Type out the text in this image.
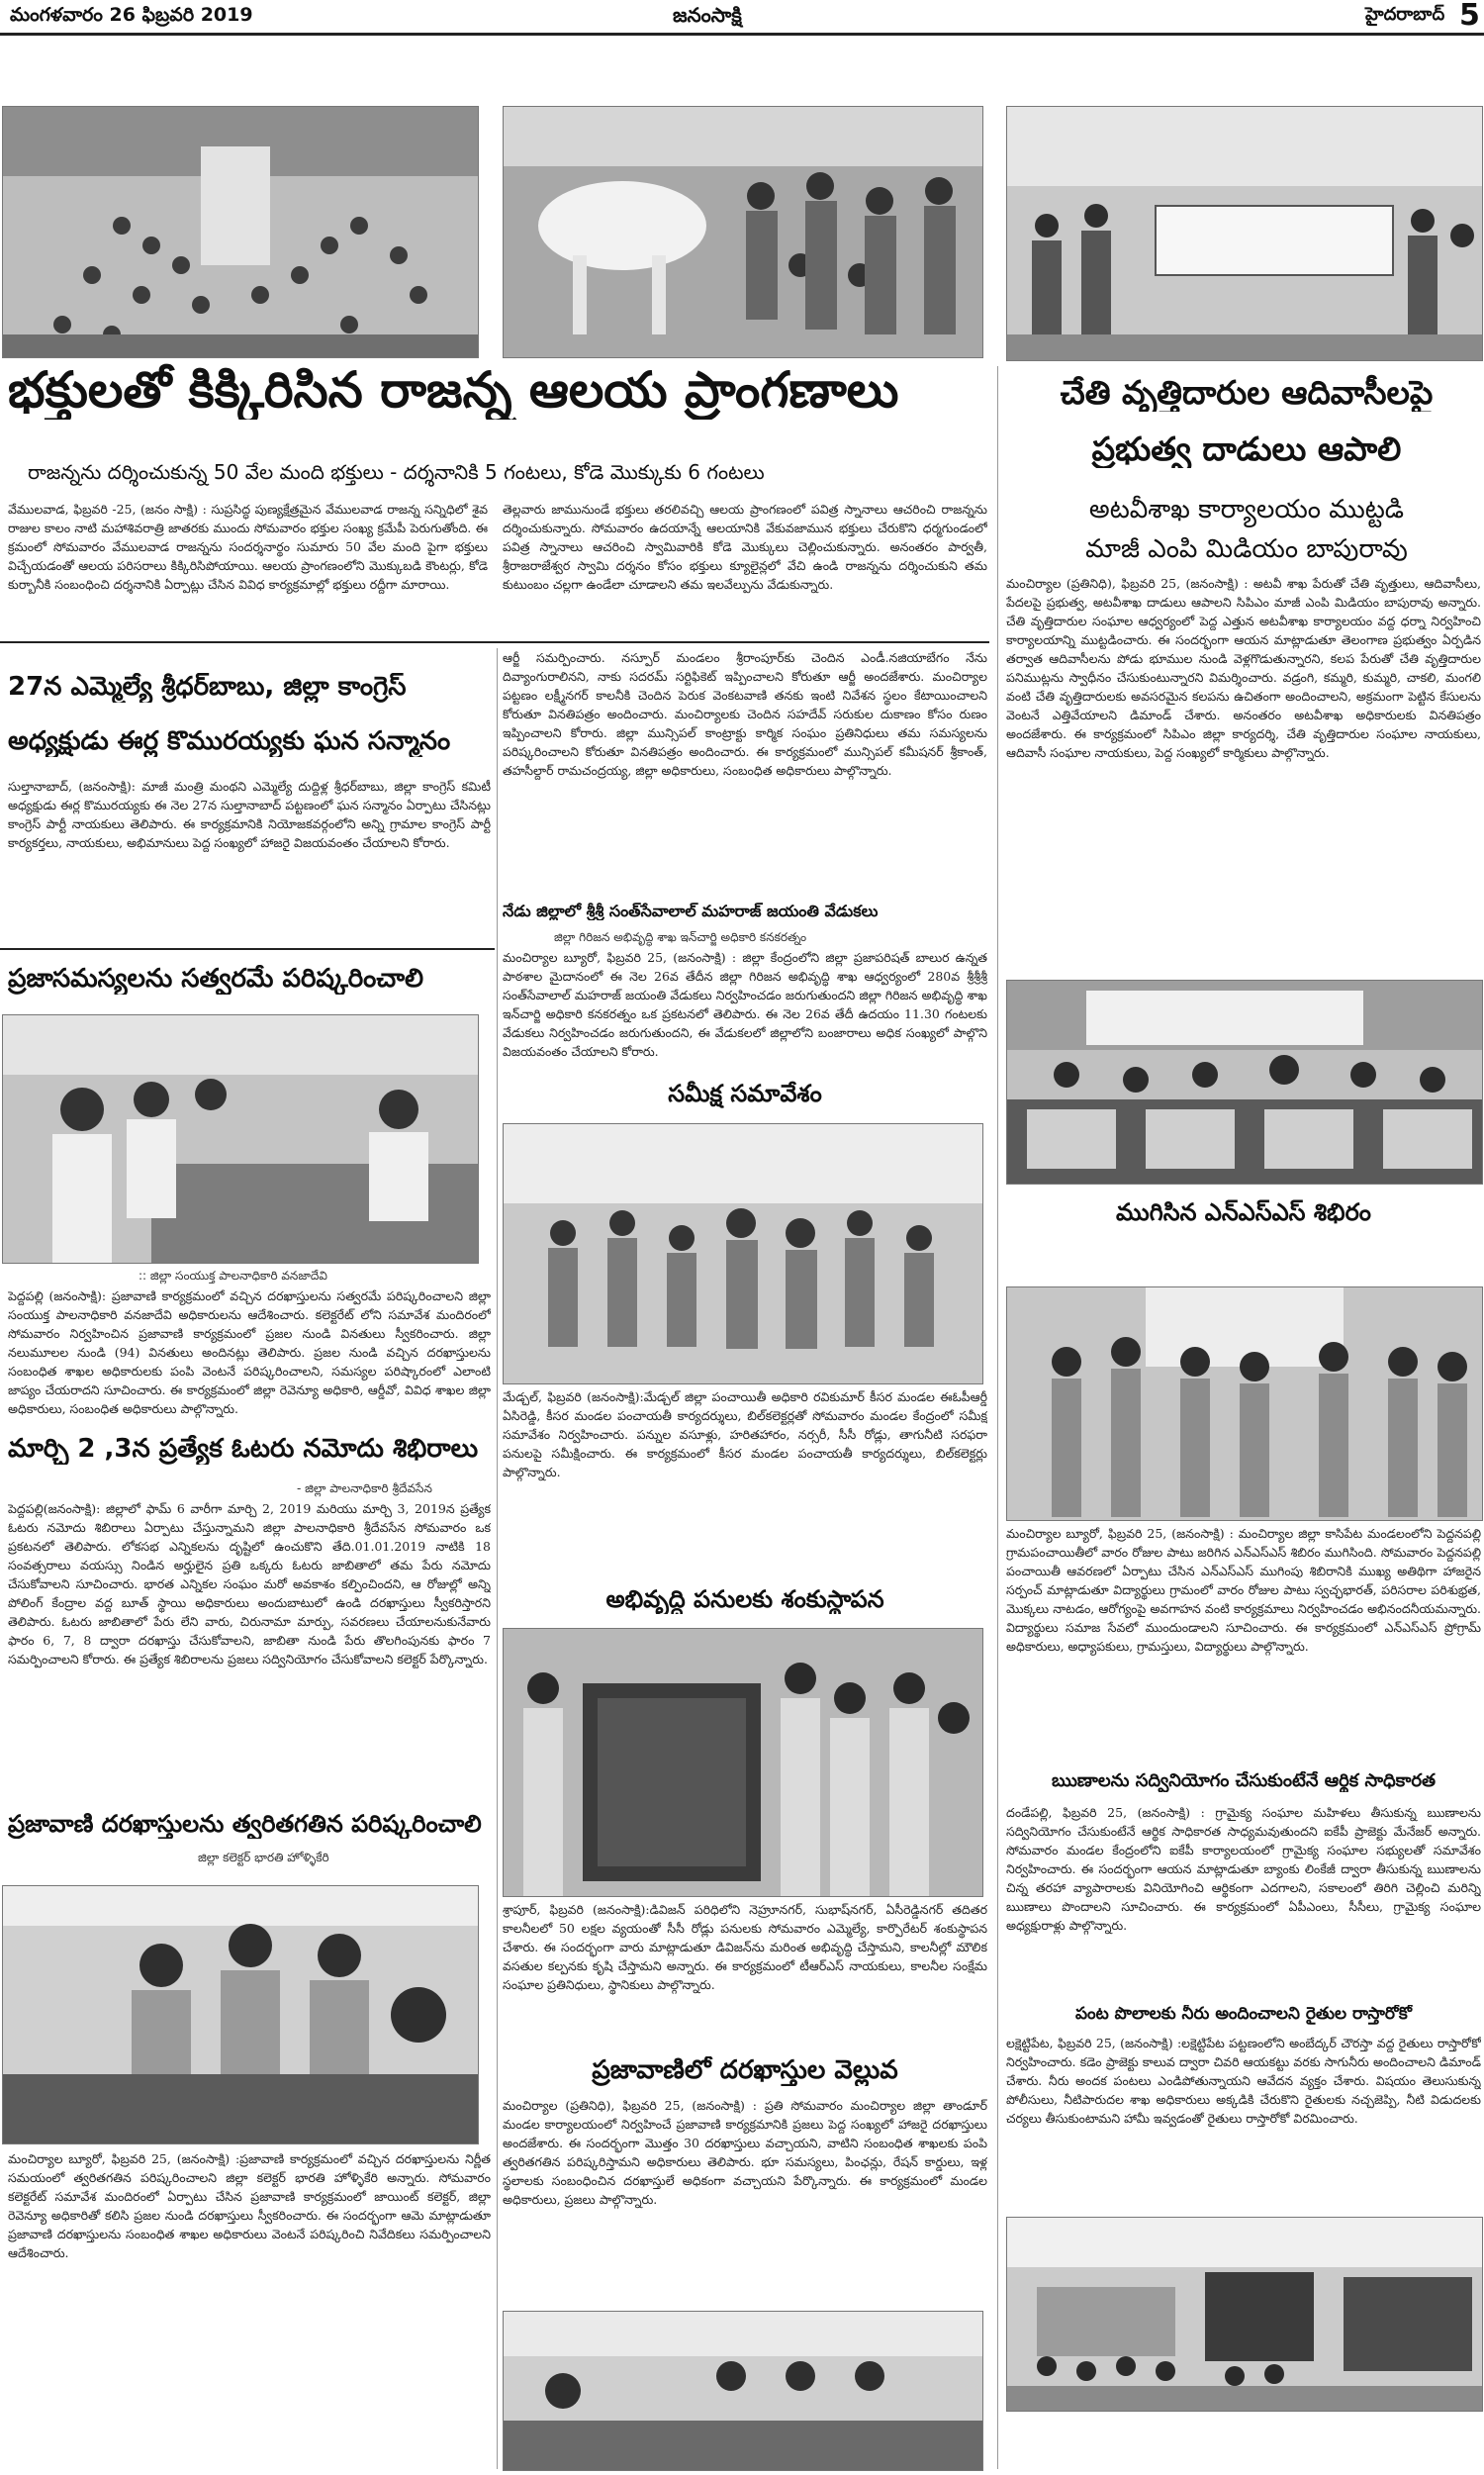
మంగళవారం 26 ఫిబ్రవరి 2019	జనంసాక్షి	హైదరాబాద్ 5
భక్తులతో కిక్కిరిసిన రాజన్న ఆలయ ప్రాంగణాలు
రాజన్నను దర్శించుకున్న 50 వేల మంది భక్తులు - దర్శనానికి 5 గంటలు, కోడె మొక్కుకు 6 గంటలు
వేములవాడ, ఫిబ్రవరి -25, (జనం సాక్షి) : సుప్రసిద్ధ పుణ్యక్షేత్రమైన వేములవాడ రాజన్న సన్నిధిలో శైవ రాజుల కాలం నాటి మహాశివరాత్రి జాతరకు ముందు సోమవారం భక్తుల సంఖ్య క్రమేపీ పెరుగుతోంది. ఈ క్రమంలో సోమవారం వేములవాడ రాజన్నను సందర్శనార్థం సుమారు 50 వేల మంది పైగా భక్తులు విచ్చేయడంతో ఆలయ పరిసరాలు కిక్కిరిసిపోయాయి. ఆలయ ప్రాంగణంలోని మొక్కుబడి కౌంటర్లు, కోడె కుర్బానీకి సంబంధించి దర్శనానికి ఏర్పాట్లు చేసిన వివిధ కార్యక్రమాల్లో భక్తులు రద్దీగా మారాయి.
తెల్లవారు జామునుండే భక్తులు తరలివచ్చి ఆలయ ప్రాంగణంలో పవిత్ర స్నానాలు ఆచరించి రాజన్నను దర్శించుకున్నారు. సోమవారం ఉదయాన్నే ఆలయానికి వేకువజామున భక్తులు చేరుకొని ధర్మగుండంలో పవిత్ర స్నానాలు ఆచరించి స్వామివారికి కోడె మొక్కులు చెల్లించుకున్నారు. అనంతరం పార్వతీ, శ్రీరాజరాజేశ్వర స్వామి దర్శనం కోసం భక్తులు క్యూలైన్లలో వేచి ఉండి రాజన్నను దర్శించుకుని తమ కుటుంబం చల్లగా ఉండేలా చూడాలని తమ ఇలవేల్పును వేడుకున్నారు.
చేతి వృత్తిదారుల ఆదివాసీలపై
ప్రభుత్వ దాడులు ఆపాలి
అటవీశాఖ కార్యాలయం ముట్టడి
మాజీ ఎంపి మిడియం బాపురావు
మంచిర్యాల (ప్రతినిధి), ఫిబ్రవరి 25, (జనంసాక్షి) : అటవీ శాఖ పేరుతో చేతి వృత్తులు, ఆదివాసీలు, పేదలపై ప్రభుత్వ, అటవీశాఖ దాడులు ఆపాలని సిపిఎం మాజీ ఎంపి మిడియం బాపురావు అన్నారు. చేతి వృత్తిదారుల సంఘాల ఆధ్వర్యంలో పెద్ద ఎత్తున అటవీశాఖ కార్యాలయం వద్ద ధర్నా నిర్వహించి కార్యాలయాన్ని ముట్టడించారు. ఈ సందర్భంగా ఆయన మాట్లాడుతూ తెలంగాణ ప్రభుత్వం ఏర్పడిన తర్వాత ఆదివాసీలను పోడు భూముల నుండి వెళ్లగొడుతున్నారని, కలప పేరుతో చేతి వృత్తిదారుల పనిముట్లను స్వాధీనం చేసుకుంటున్నారని విమర్శించారు. వడ్రంగి, కమ్మరి, కుమ్మరి, చాకలి, మంగలి వంటి చేతి వృత్తిదారులకు అవసరమైన కలపను ఉచితంగా అందించాలని, అక్రమంగా పెట్టిన కేసులను వెంటనే ఎత్తివేయాలని డిమాండ్ చేశారు. అనంతరం అటవీశాఖ అధికారులకు వినతిపత్రం అందజేశారు. ఈ కార్యక్రమంలో సిపిఎం జిల్లా కార్యదర్శి, చేతి వృత్తిదారుల సంఘాల నాయకులు, ఆదివాసీ సంఘాల నాయకులు, పెద్ద సంఖ్యలో కార్మికులు పాల్గొన్నారు.
27న ఎమ్మెల్యే శ్రీధర్‌బాబు, జిల్లా కాంగ్రెస్
అధ్యక్షుడు ఈర్ల కొమురయ్యకు ఘన సన్మానం
సుల్తానాబాద్, (జనంసాక్షి): మాజీ మంత్రి మంథని ఎమ్మెల్యే దుద్దిళ్ల శ్రీధర్‌బాబు, జిల్లా కాంగ్రెస్ కమిటీ అధ్యక్షుడు ఈర్ల కొమురయ్యకు ఈ నెల 27న సుల్తానాబాద్ పట్టణంలో ఘన సన్మానం ఏర్పాటు చేసినట్లు కాంగ్రెస్ పార్టీ నాయకులు తెలిపారు. ఈ కార్యక్రమానికి నియోజకవర్గంలోని అన్ని గ్రామాల కాంగ్రెస్ పార్టీ కార్యకర్తలు, నాయకులు, అభిమానులు పెద్ద సంఖ్యలో హాజరై విజయవంతం చేయాలని కోరారు.
ప్రజాసమస్యలను సత్వరమే పరిష్కరించాలి
:: జిల్లా సంయుక్త పాలనాధికారి వనజాదేవి
పెద్దపల్లి (జనంసాక్షి): ప్రజావాణి కార్యక్రమంలో వచ్చిన దరఖాస్తులను సత్వరమే పరిష్కరించాలని జిల్లా సంయుక్త పాలనాధికారి వనజాదేవి అధికారులను ఆదేశించారు. కలెక్టరేట్ లోని సమావేశ మందిరంలో సోమవారం నిర్వహించిన ప్రజావాణి కార్యక్రమంలో ప్రజల నుండి వినతులు స్వీకరించారు. జిల్లా నలుమూలల నుండి (94) వినతులు అందినట్లు తెలిపారు. ప్రజల నుండి వచ్చిన దరఖాస్తులను సంబంధిత శాఖల అధికారులకు పంపి వెంటనే పరిష్కరించాలని, సమస్యల పరిష్కారంలో ఎలాంటి జాప్యం చేయరాదని సూచించారు. ఈ కార్యక్రమంలో జిల్లా రెవెన్యూ అధికారి, ఆర్డీవో, వివిధ శాఖల జిల్లా అధికారులు, సంబంధిత అధికారులు పాల్గొన్నారు.
మార్చి 2 ,3న ప్రత్యేక ఓటరు నమోదు శిభిరాలు
- జిల్లా పాలనాధికారి శ్రీదేవసేన
పెద్దపల్లి(జనంసాక్షి): జిల్లాలో ఫామ్ 6 వారీగా మార్చి 2, 2019 మరియు మార్చి 3, 2019న ప్రత్యేక ఓటరు నమోదు శిబిరాలు ఏర్పాటు చేస్తున్నామని జిల్లా పాలనాధికారి శ్రీదేవసేన సోమవారం ఒక ప్రకటనలో తెలిపారు. లోకసభ ఎన్నికలను దృష్టిలో ఉంచుకొని తేది.01.01.2019 నాటికి 18 సంవత్సరాలు వయస్సు నిండిన అర్హులైన ప్రతి ఒక్కరు ఓటరు జాబితాలో తమ పేరు నమోదు చేసుకోవాలని సూచించారు. భారత ఎన్నికల సంఘం మరో అవకాశం కల్పించిందని, ఆ రోజుల్లో అన్ని పోలింగ్ కేంద్రాల వద్ద బూత్ స్థాయి అధికారులు అందుబాటులో ఉండి దరఖాస్తులు స్వీకరిస్తారని తెలిపారు. ఓటరు జాబితాలో పేరు లేని వారు, చిరునామా మార్పు, సవరణలు చేయాలనుకునేవారు ఫారం 6, 7, 8 ద్వారా దరఖాస్తు చేసుకోవాలని, జాబితా నుండి పేరు తొలగింపునకు ఫారం 7 సమర్పించాలని కోరారు. ఈ ప్రత్యేక శిబిరాలను ప్రజలు సద్వినియోగం చేసుకోవాలని కలెక్టర్ పేర్కొన్నారు.
ప్రజావాణి దరఖాస్తులను త్వరితగతిన పరిష్కరించాలి
జిల్లా కలెక్టర్ భారతి హోళ్ళికేరి
మంచిర్యాల బ్యూరో, ఫిబ్రవరి 25, (జనంసాక్షి) :ప్రజావాణి కార్యక్రమంలో వచ్చిన దరఖాస్తులను నిర్ణీత సమయంలో త్వరితగతిన పరిష్కరించాలని జిల్లా కలెక్టర్ భారతి హోళ్ళికేరి అన్నారు. సోమవారం కలెక్టరేట్ సమావేశ మందిరంలో ఏర్పాటు చేసిన ప్రజావాణి కార్యక్రమంలో జాయింట్ కలెక్టర్, జిల్లా రెవెన్యూ అధికారితో కలిసి ప్రజల నుండి దరఖాస్తులు స్వీకరించారు. ఈ సందర్భంగా ఆమె మాట్లాడుతూ ప్రజావాణి దరఖాస్తులను సంబంధిత శాఖల అధికారులు వెంటనే పరిష్కరించి నివేదికలు సమర్పించాలని ఆదేశించారు.
ఆర్జీ సమర్పించారు. నస్పూర్ మండలం శ్రీరాంపూర్‌కు చెందిన ఎండీ.నజియాబేగం నేను దివ్యాంగురాలినని, నాకు సదరమ్ సర్టిఫికెట్ ఇప్పించాలని కోరుతూ ఆర్జీ అందజేశారు. మంచిర్యాల పట్టణం లక్ష్మీనగర్ కాలనీకి చెందిన పెరుక వెంకటవాణి తనకు ఇంటి నివేశన స్థలం కేటాయించాలని కోరుతూ వినతిపత్రం అందించారు. మంచిర్యాలకు చెందిన సహదేవ్ సరుకుల దుకాణం కోసం రుణం ఇప్పించాలని కోరారు. జిల్లా మున్సిపల్ కాంట్రాక్టు కార్మిక సంఘం ప్రతినిధులు తమ సమస్యలను పరిష్కరించాలని కోరుతూ వినతిపత్రం అందించారు. ఈ కార్యక్రమంలో మున్సిపల్ కమీషనర్ శ్రీకాంత్, తహసీల్దార్ రామచంద్రయ్య, జిల్లా అధికారులు, సంబంధిత అధికారులు పాల్గొన్నారు.
నేడు జిల్లాలో శ్రీశ్రీ సంత్‌సేవాలాల్ మహరాజ్ జయంతి వేడుకలు
జిల్లా గిరిజన అభివృద్ధి శాఖ ఇన్‌చార్జి అధికారి కనకరత్నం
మంచిర్యాల బ్యూరో, ఫిబ్రవరి 25, (జనంసాక్షి) : జిల్లా కేంద్రంలోని జిల్లా ప్రజాపరిషత్ బాలుర ఉన్నత పాఠశాల మైదానంలో ఈ నెల 26వ తేదీన జిల్లా గిరిజన అభివృద్ధి శాఖ ఆధ్వర్యంలో 280వ శ్రీశ్రీశ్రీ సంత్‌సేవాలాల్ మహరాజ్ జయంతి వేడుకలు నిర్వహించడం జరుగుతుందని జిల్లా గిరిజన అభివృద్ధి శాఖ ఇన్‌చార్జి అధికారి కనకరత్నం ఒక ప్రకటనలో తెలిపారు. ఈ నెల 26వ తేదీ ఉదయం 11.30 గంటలకు వేడుకలు నిర్వహించడం జరుగుతుందని, ఈ వేడుకలలో జిల్లాలోని బంజారాలు అధిక సంఖ్యలో పాల్గొని విజయవంతం చేయాలని కోరారు.
సమీక్ష సమావేశం
మేడ్చల్, ఫిబ్రవరి (జనంసాక్షి):మేడ్చల్ జిల్లా పంచాయితీ అధికారి రవికుమార్ కీసర మండల ఈఓపీఆర్డీ ఏసిరెడ్డి, కీసర మండల పంచాయతీ కార్యదర్శులు, బిల్‌కలెక్టర్లతో సోమవారం మండల కేంద్రంలో సమీక్ష సమావేశం నిర్వహించారు. పన్నుల వసూళ్లు, హరితహారం, నర్సరీ, సీసీ రోడ్లు, తాగునీటి సరఫరా పనులపై సమీక్షించారు. ఈ కార్యక్రమంలో కీసర మండల పంచాయతీ కార్యదర్శులు, బిల్‌కలెక్టర్లు పాల్గొన్నారు.
అభివృద్ధి పనులకు శంకుస్థాపన
శ్రాపూర్, ఫిబ్రవరి (జనంసాక్షి):డివిజన్ పరిధిలోని నెహ్రూనగర్, సుభాష్‌నగర్, ఏసీరెడ్డినగర్ తదితర కాలనీలలో 50 లక్షల వ్యయంతో సీసీ రోడ్లు పనులకు సోమవారం ఎమ్మెల్యే, కార్పొరేటర్ శంకుస్థాపన చేశారు. ఈ సందర్భంగా వారు మాట్లాడుతూ డివిజన్‌ను మరింత అభివృద్ధి చేస్తామని, కాలనీల్లో మౌలిక వసతుల కల్పనకు కృషి చేస్తామని అన్నారు. ఈ కార్యక్రమంలో టీఆర్‌ఎస్ నాయకులు, కాలనీల సంక్షేమ సంఘాల ప్రతినిధులు, స్థానికులు పాల్గొన్నారు.
ప్రజావాణిలో దరఖాస్తుల వెల్లువ
మంచిర్యాల (ప్రతినిధి), ఫిబ్రవరి 25, (జనంసాక్షి) : ప్రతి సోమవారం మంచిర్యాల జిల్లా తాండూర్ మండల కార్యాలయంలో నిర్వహించే ప్రజావాణి కార్యక్రమానికి ప్రజలు పెద్ద సంఖ్యలో హాజరై దరఖాస్తులు అందజేశారు. ఈ సందర్భంగా మొత్తం 30 దరఖాస్తులు వచ్చాయని, వాటిని సంబంధిత శాఖలకు పంపి త్వరితగతిన పరిష్కరిస్తామని అధికారులు తెలిపారు. భూ సమస్యలు, పింఛన్లు, రేషన్ కార్డులు, ఇళ్ల స్థలాలకు సంబంధించిన దరఖాస్తులే అధికంగా వచ్చాయని పేర్కొన్నారు. ఈ కార్యక్రమంలో మండల అధికారులు, ప్రజలు పాల్గొన్నారు.
ముగిసిన ఎన్ఎస్ఎస్ శిభిరం
మంచిర్యాల బ్యూరో, ఫిబ్రవరి 25, (జనంసాక్షి) : మంచిర్యాల జిల్లా కాసిపేట మండలంలోని పెద్దనపల్లి గ్రామపంచాయితీలో వారం రోజుల పాటు జరిగిన ఎన్ఎస్ఎస్ శిబిరం ముగిసింది. సోమవారం పెద్దనపల్లి పంచాయితీ ఆవరణలో ఏర్పాటు చేసిన ఎన్ఎస్ఎస్ ముగింపు శిబిరానికి ముఖ్య అతిథిగా హాజరైన సర్పంచ్ మాట్లాడుతూ విద్యార్థులు గ్రామంలో వారం రోజుల పాటు స్వచ్ఛభారత్, పరిసరాల పరిశుభ్రత, మొక్కలు నాటడం, ఆరోగ్యంపై అవగాహన వంటి కార్యక్రమాలు నిర్వహించడం అభినందనీయమన్నారు. విద్యార్థులు సమాజ సేవలో ముందుండాలని సూచించారు. ఈ కార్యక్రమంలో ఎన్ఎస్ఎస్ ప్రోగ్రామ్ అధికారులు, అధ్యాపకులు, గ్రామస్తులు, విద్యార్థులు పాల్గొన్నారు.
ఋణాలను సద్వినియోగం చేసుకుంటేనే ఆర్థిక సాధికారత
దండేపల్లి, ఫిబ్రవరి 25, (జనంసాక్షి) : గ్రామైక్య సంఘాల మహిళలు తీసుకున్న ఋణాలను సద్వినియోగం చేసుకుంటేనే ఆర్థిక సాధికారత సాధ్యమవుతుందని ఐకేపీ ప్రాజెక్టు మేనేజర్ అన్నారు. సోమవారం మండల కేంద్రంలోని ఐకేపీ కార్యాలయంలో గ్రామైక్య సంఘాల సభ్యులతో సమావేశం నిర్వహించారు. ఈ సందర్భంగా ఆయన మాట్లాడుతూ బ్యాంకు లింకేజీ ద్వారా తీసుకున్న ఋణాలను చిన్న తరహా వ్యాపారాలకు వినియోగించి ఆర్థికంగా ఎదగాలని, సకాలంలో తిరిగి చెల్లించి మరిన్ని ఋణాలు పొందాలని సూచించారు. ఈ కార్యక్రమంలో ఏపీఎంలు, సీసీలు, గ్రామైక్య సంఘాల అధ్యక్షురాళ్లు పాల్గొన్నారు.
పంట పొలాలకు నీరు అందించాలని రైతుల రాస్తారోకో
లక్షెట్టిపేట, ఫిబ్రవరి 25, (జనంసాక్షి) :లక్షెట్టిపేట పట్టణంలోని అంబేద్కర్ చౌరస్తా వద్ద రైతులు రాస్తారోకో నిర్వహించారు. కడెం ప్రాజెక్టు కాలువ ద్వారా చివరి ఆయకట్టు వరకు సాగునీరు అందించాలని డిమాండ్ చేశారు. నీరు అందక పంటలు ఎండిపోతున్నాయని ఆవేదన వ్యక్తం చేశారు. విషయం తెలుసుకున్న పోలీసులు, నీటిపారుదల శాఖ అధికారులు అక్కడికి చేరుకొని రైతులకు నచ్చజెప్పి, నీటి విడుదలకు చర్యలు తీసుకుంటామని హామీ ఇవ్వడంతో రైతులు రాస్తారోకో విరమించారు.
